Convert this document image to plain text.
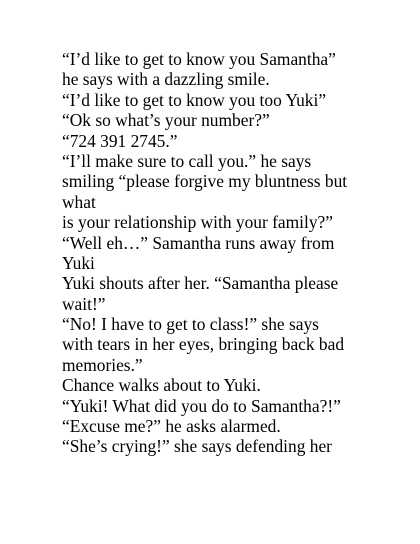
“I’d like to get to know you Samantha”
he says with a dazzling smile.
“I’d like to get to know you too Yuki”
“Ok so what’s your number?”
“724 391 2745.”
“I’ll make sure to call you.” he says
smiling “please forgive my bluntness but
what
is your relationship with your family?”
“Well eh…” Samantha runs away from
Yuki
Yuki shouts after her. “Samantha please
wait!”
“No! I have to get to class!” she says
with tears in her eyes, bringing back bad
memories.”
Chance walks about to Yuki.
“Yuki! What did you do to Samantha?!”
“Excuse me?” he asks alarmed.
“She’s crying!” she says defending her
